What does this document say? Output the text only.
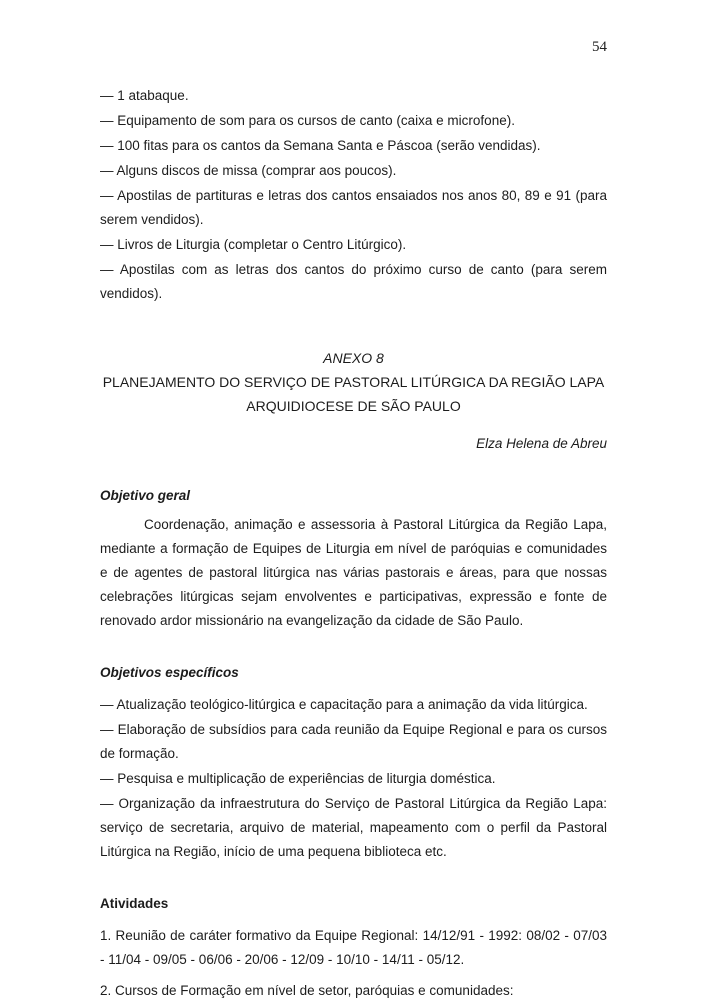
54

— 1 atabaque.

— Equipamento de som para os cursos de canto (caixa e microfone).

— 100 fitas para os cantos da Semana Santa e Páscoa (serão vendidas).

— Alguns discos de missa (comprar aos poucos).

— Apostilas de partituras e letras dos cantos ensaiados nos anos 80, 89 e 91 (para serem vendidos).

— Livros de Liturgia (completar o Centro Litúrgico).

— Apostilas com as letras dos cantos do próximo curso de canto (para serem vendidos).

ANEXO 8

PLANEJAMENTO DO SERVIÇO DE PASTORAL LITÚRGICA DA REGIÃO LAPA

ARQUIDIOCESE DE SÃO PAULO

Elza Helena de Abreu

Objetivo geral

Coordenação, animação e assessoria à Pastoral Litúrgica da Região Lapa, mediante a formação de Equipes de Liturgia em nível de paróquias e comunidades e de agentes de pastoral litúrgica nas várias pastorais e áreas, para que nossas celebrações litúrgicas sejam envolventes e participativas, expressão e fonte de renovado ardor missionário na evangelização da cidade de São Paulo.

Objetivos específicos

— Atualização teológico-litúrgica e capacitação para a animação da vida litúrgica.

— Elaboração de subsídios para cada reunião da Equipe Regional e para os cursos de formação.

— Pesquisa e multiplicação de experiências de liturgia doméstica.

— Organização da infraestrutura do Serviço de Pastoral Litúrgica da Região Lapa: serviço de secretaria, arquivo de material, mapeamento com o perfil da Pastoral Litúrgica na Região, início de uma pequena biblioteca etc.

Atividades

1. Reunião de caráter formativo da Equipe Regional: 14/12/91 - 1992: 08/02 - 07/03 - 11/04 - 09/05 - 06/06 - 20/06 - 12/09 - 10/10 - 14/11 - 05/12.

2. Cursos de Formação em nível de setor, paróquias e comunidades:
